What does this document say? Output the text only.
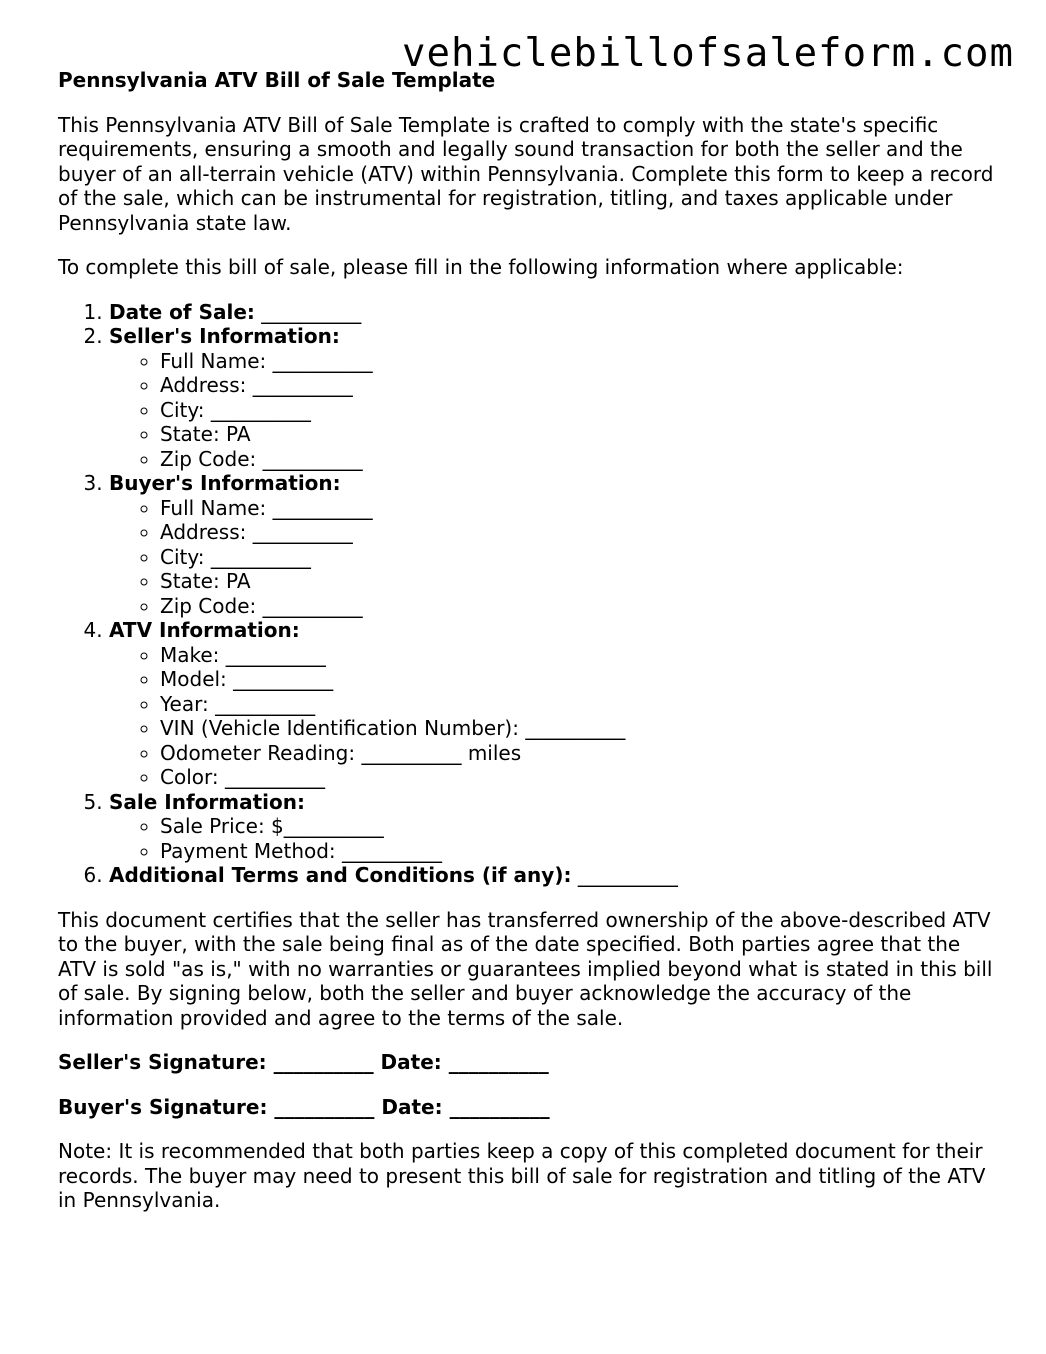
vehiclebillofsaleform.com
Pennsylvania ATV Bill of Sale Template

This Pennsylvania ATV Bill of Sale Template is crafted to comply with the state's specific requirements, ensuring a smooth and legally sound transaction for both the seller and the buyer of an all-terrain vehicle (ATV) within Pennsylvania. Complete this form to keep a record of the sale, which can be instrumental for registration, titling, and taxes applicable under Pennsylvania state law.

To complete this bill of sale, please fill in the following information where applicable:

1. Date of Sale: __________
2. Seller's Information:
◦ Full Name: __________
◦ Address: __________
◦ City: __________
◦ State: PA
◦ Zip Code: __________
3. Buyer's Information:
◦ Full Name: __________
◦ Address: __________
◦ City: __________
◦ State: PA
◦ Zip Code: __________
4. ATV Information:
◦ Make: __________
◦ Model: __________
◦ Year: __________
◦ VIN (Vehicle Identification Number): __________
◦ Odometer Reading: __________ miles
◦ Color: __________
5. Sale Information:
◦ Sale Price: $__________
◦ Payment Method: __________
6. Additional Terms and Conditions (if any): __________

This document certifies that the seller has transferred ownership of the above-described ATV to the buyer, with the sale being final as of the date specified. Both parties agree that the ATV is sold "as is," with no warranties or guarantees implied beyond what is stated in this bill of sale. By signing below, both the seller and buyer acknowledge the accuracy of the information provided and agree to the terms of the sale.

Seller's Signature: __________ Date: __________
Buyer's Signature: __________ Date: __________

Note: It is recommended that both parties keep a copy of this completed document for their records. The buyer may need to present this bill of sale for registration and titling of the ATV in Pennsylvania.
